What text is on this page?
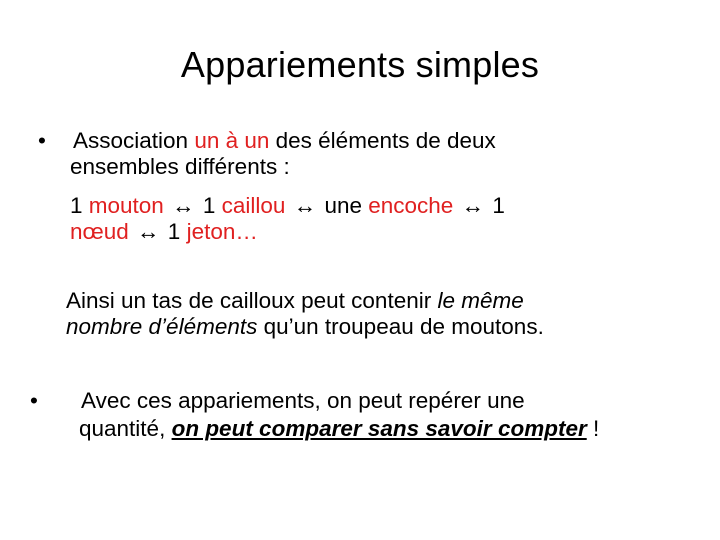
Appariements simples
• Association un à un des éléments de deux
ensembles différents :
1 mouton ↔ 1 caillou ↔ une encoche ↔ 1
nœud ↔ 1 jeton…
Ainsi un tas de cailloux peut contenir le même
nombre d’éléments qu’un troupeau de moutons.
• Avec ces appariements, on peut repérer une
quantité, on peut comparer sans savoir compter !
